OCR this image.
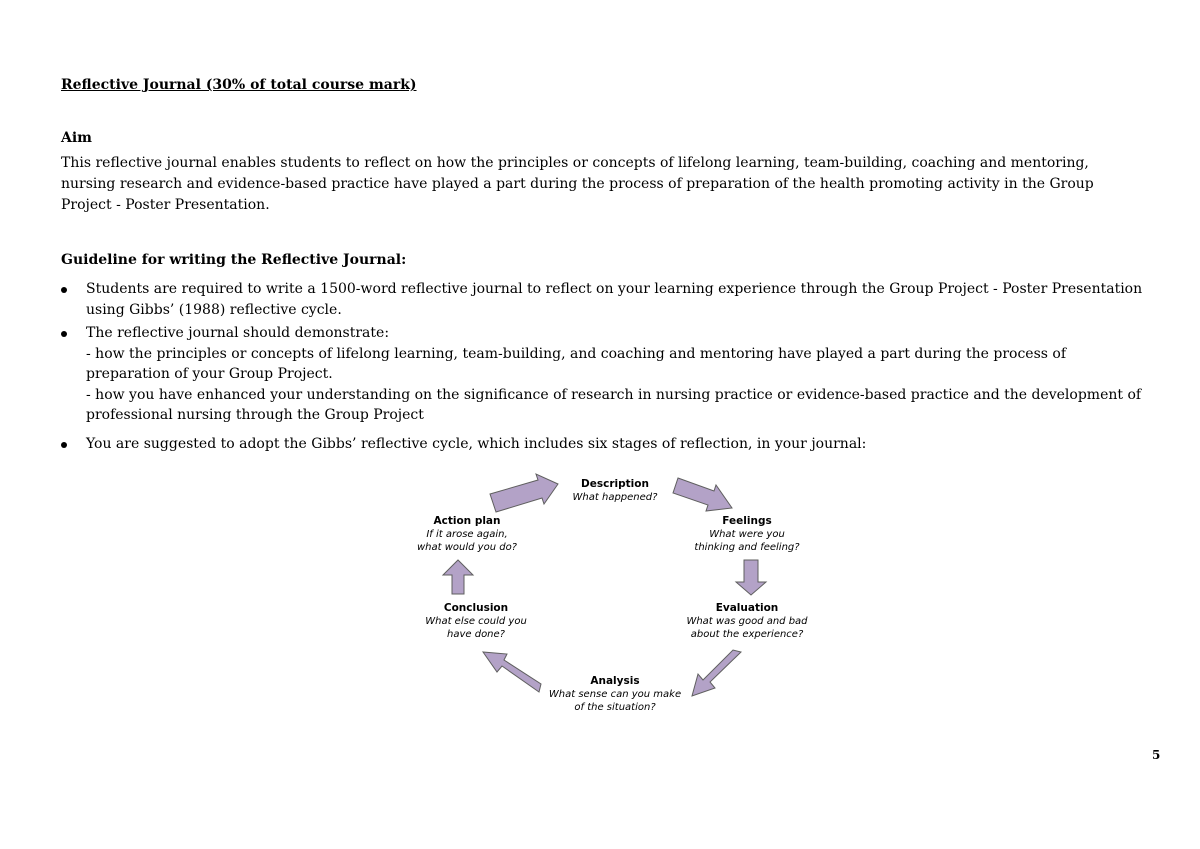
Reflective Journal (30% of total course mark)
Aim
This reflective journal enables students to reflect on how the principles or concepts of lifelong learning, team-building, coaching and mentoring, nursing research and evidence-based practice have played a part during the process of preparation of the health promoting activity in the Group Project - Poster Presentation.
Guideline for writing the Reflective Journal:
Students are required to write a 1500-word reflective journal to reflect on your learning experience through the Group Project - Poster Presentation using Gibbs’ (1988) reflective cycle.
The reflective journal should demonstrate:
- how the principles or concepts of lifelong learning, team-building, and coaching and mentoring have played a part during the process of preparation of your Group Project.
- how you have enhanced your understanding on the significance of research in nursing practice or evidence-based practice and the development of professional nursing through the Group Project
You are suggested to adopt the Gibbs’ reflective cycle, which includes six stages of reflection, in your journal:
Description
What happened?
Feelings
What were you
thinking and feeling?
Evaluation
What was good and bad
about the experience?
Analysis
What sense can you make
of the situation?
Conclusion
What else could you
have done?
Action plan
If it arose again,
what would you do?
5
